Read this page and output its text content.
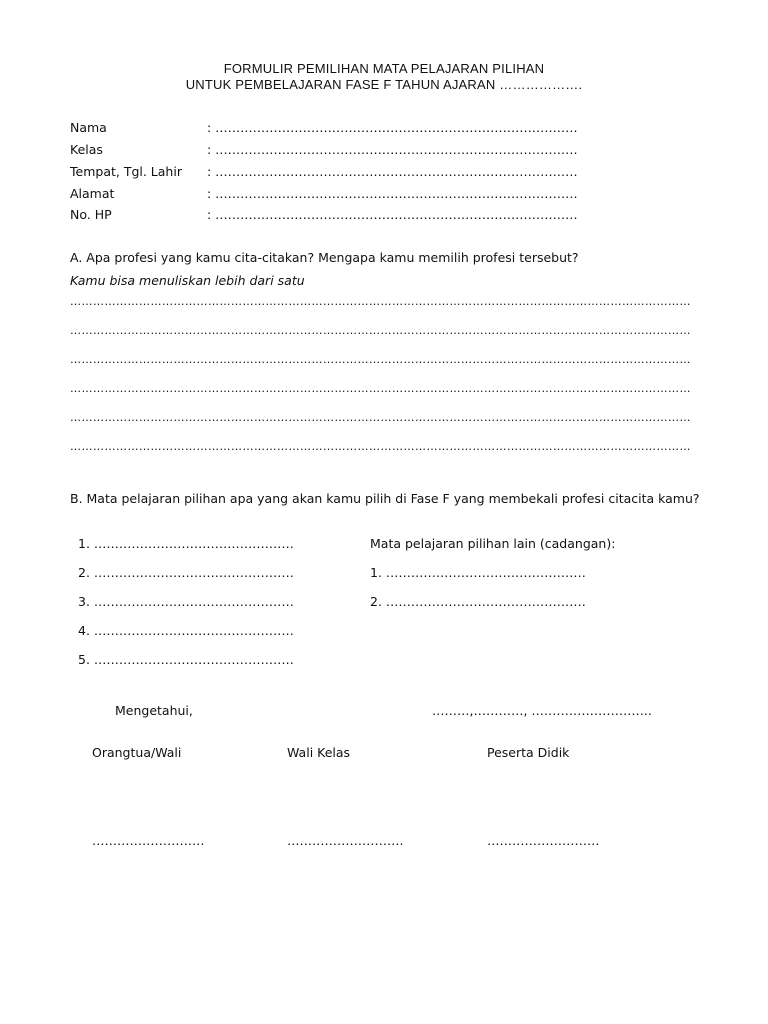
FORMULIR PEMILIHAN MATA PELAJARAN PILIHAN
UNTUK PEMBELAJARAN FASE F TAHUN AJARAN ……………….
Nama	: ……………………………………………………………………………
Kelas	: ……………………………………………………………………………
Tempat, Tgl. Lahir : ……………………………………………………………………………
Alamat	: ……………………………………………………………………………
No. HP	: ……………………………………………………………………………
A. Apa profesi yang kamu cita-citakan? Mengapa kamu memilih profesi tersebut?
Kamu bisa menuliskan lebih dari satu
………………………………………………………………………………………………………………………………………………
………………………………………………………………………………………………………………………………………………
………………………………………………………………………………………………………………………………………………
………………………………………………………………………………………………………………………………………………
………………………………………………………………………………………………………………………………………………
………………………………………………………………………………………………………………………………………………
B. Mata pelajaran pilihan apa yang akan kamu pilih di Fase F yang membekali profesi citacita kamu?
1. …………………………………………
2. …………………………………………
3. …………………………………………
4. …………………………………………
5. …………………………………………
Mata pelajaran pilihan lain (cadangan):
1. …………………………………………
2. …………………………………………
Mengetahui,	………,…………, ………………………..
Orangtua/Wali	Wali Kelas	Peserta Didik
………………………	……………………….	………………………
